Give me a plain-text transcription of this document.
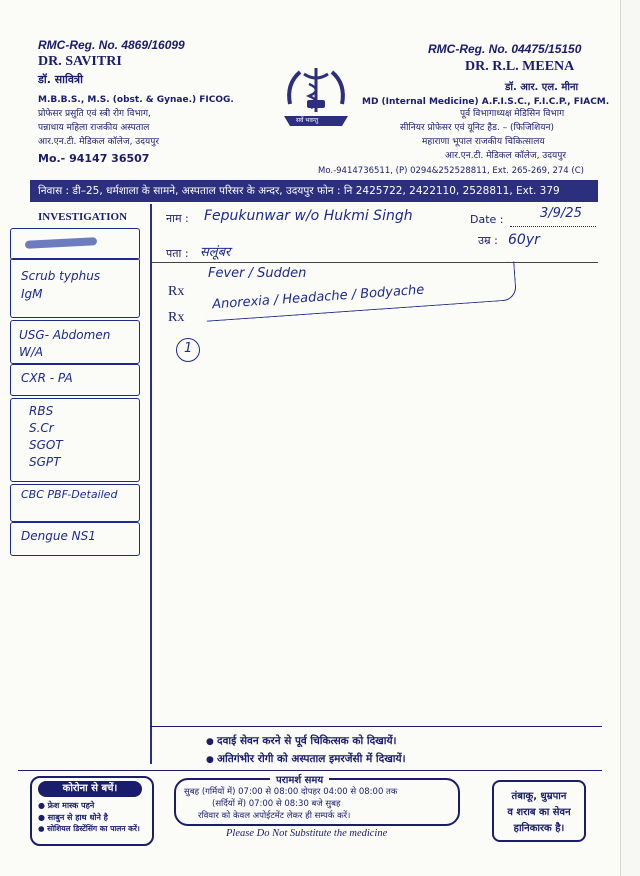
RMC-Reg. No. 4869/16099
DR. SAVITRI
डॉ. सावित्री
M.B.B.S., M.S. (obst. & Gynae.) FICOG.
प्रोफेसर प्रसुति एवं स्त्री रोग विभाग,
पन्नाधाय महिला राजकीय अस्पताल
आर.एन.टी. मेडिकल कॉलेज, उदयपुर
Mo.- 94147 36507
सर्वे भवन्तु
RMC-Reg. No. 04475/15150
DR. R.L. MEENA
डॉ. आर. एल. मीना
MD (Internal Medicine) A.F.I.S.C., F.I.C.P., FIACM.
पूर्व विभागाध्यक्ष मेडिसिन विभाग
सीनियर प्रोफेसर एवं यूनिट हैड. – (फिजिशियन)
महाराणा भूपाल राजकीय चिकित्सालय
आर.एन.टी. मेडिकल कॉलेज, उदयपुर
Mo.-9414736511, (P) 0294&252528811, Ext. 265-269, 274 (C)
निवास : डी–25, धर्मशाला के सामने, अस्पताल परिसर के अन्दर, उदयपुर फोन : नि 2425722, 2422110, 2528811, Ext. 379
INVESTIGATION
Scrub typhus IgM
USG- Abdomen W/A
CXR - PA
RBS S.Cr SGOT SGPT
CBC PBF-Detailed
Dengue NS1
नाम : Fepukunwar w/o Hukmi Singh	Date :	3/9/25
उम्र : 60yr
पता : सलूंबर
Rx
Rx
Fever / Sudden
Anorexia / Headache / Bodyache
1
● दवाई सेवन करने से पूर्व चिकित्सक को दिखायें।
● अतिगंभीर रोगी को अस्पताल इमरजेंसी में दिखायें।
कोरोना से बचें।
● फ्रेश मास्क पहने
● साबुन से हाथ धोने है
● सोशियल डिस्टेंसिंग का पालन करें।
परामर्श समय
सुबह (गर्मियों में) 07:00 से 08:00 दोपहर 04:00 से 08:00 तक
(सर्दियों में) 07:00 से 08:30 बजे सुबह
रविवार को केवल अपोईटमेंट लेकर ही सम्पर्क करें।
तंबाकू, धुम्रपान
व शराब का सेवन
हानिकारक है।
Please Do Not Substitute the medicine
